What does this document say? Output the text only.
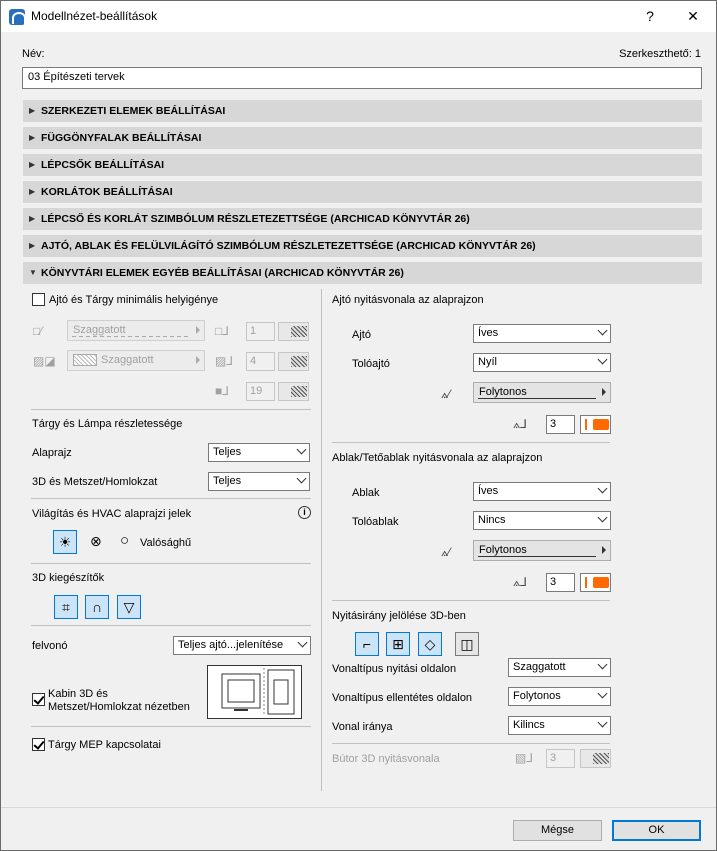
Modellnézet-beállítások	?	✕
Név:	Szerkeszthető: 1
03 Építészeti tervek
▶ SZERKEZETI ELEMEK BEÁLLÍTÁSAI
▶ FÜGGÖNYFALAK BEÁLLÍTÁSAI
▶ LÉPCSŐK BEÁLLÍTÁSAI
▶ KORLÁTOK BEÁLLÍTÁSAI
▶ LÉPCSŐ ÉS KORLÁT SZIMBÓLUM RÉSZLETEZETTSÉGE (ARCHICAD KÖNYVTÁR 26)
▶ AJTÓ, ABLAK ÉS FELÜLVILÁGÍTÓ SZIMBÓLUM RÉSZLETEZETTSÉGE (ARCHICAD KÖNYVTÁR 26)
▼ KÖNYVTÁRI ELEMEK EGYÉB BEÁLLÍTÁSAI (ARCHICAD KÖNYVTÁR 26)
Ajtó és Tárgy minimális helyigénye
□⁄	Szaggatott	□⅃	1
▨◪	Szaggatott	▨⅃	4
■⅃	19
Tárgy és Lámpa részletessége
Alaprajz	Teljes
3D és Metszet/Homlokzat	Teljes
Világítás és HVAC alaprajzi jelek	i
☀	⊗ ○ Valósághű
3D kiegészítők
⌗	∩	▽
felvonó	Teljes ajtó...jelenítése
Kabin 3D és
Metszet/Homlokzat nézetben
Tárgy MEP kapcsolatai
Ajtó nyitásvonala az alaprajzon
Ajtó	Íves
Tolóajtó	Nyíl
⟑⁄	Folytonos
⟑⅃	3
Ablak/Tetőablak nyitásvonala az alaprajzon
Ablak	Íves
Tolóablak	Nincs
⟑⁄	Folytonos
⟑⅃	3
Nyitásirány jelölése 3D-ben
⌐	⊞	◇	◫
Vonaltípus nyitási oldalon	Szaggatott
Vonaltípus ellentétes oldalon	Folytonos
Vonal iránya	Kilincs
Bútor 3D nyitásvonala	▧⅃	3
Mégse	OK
